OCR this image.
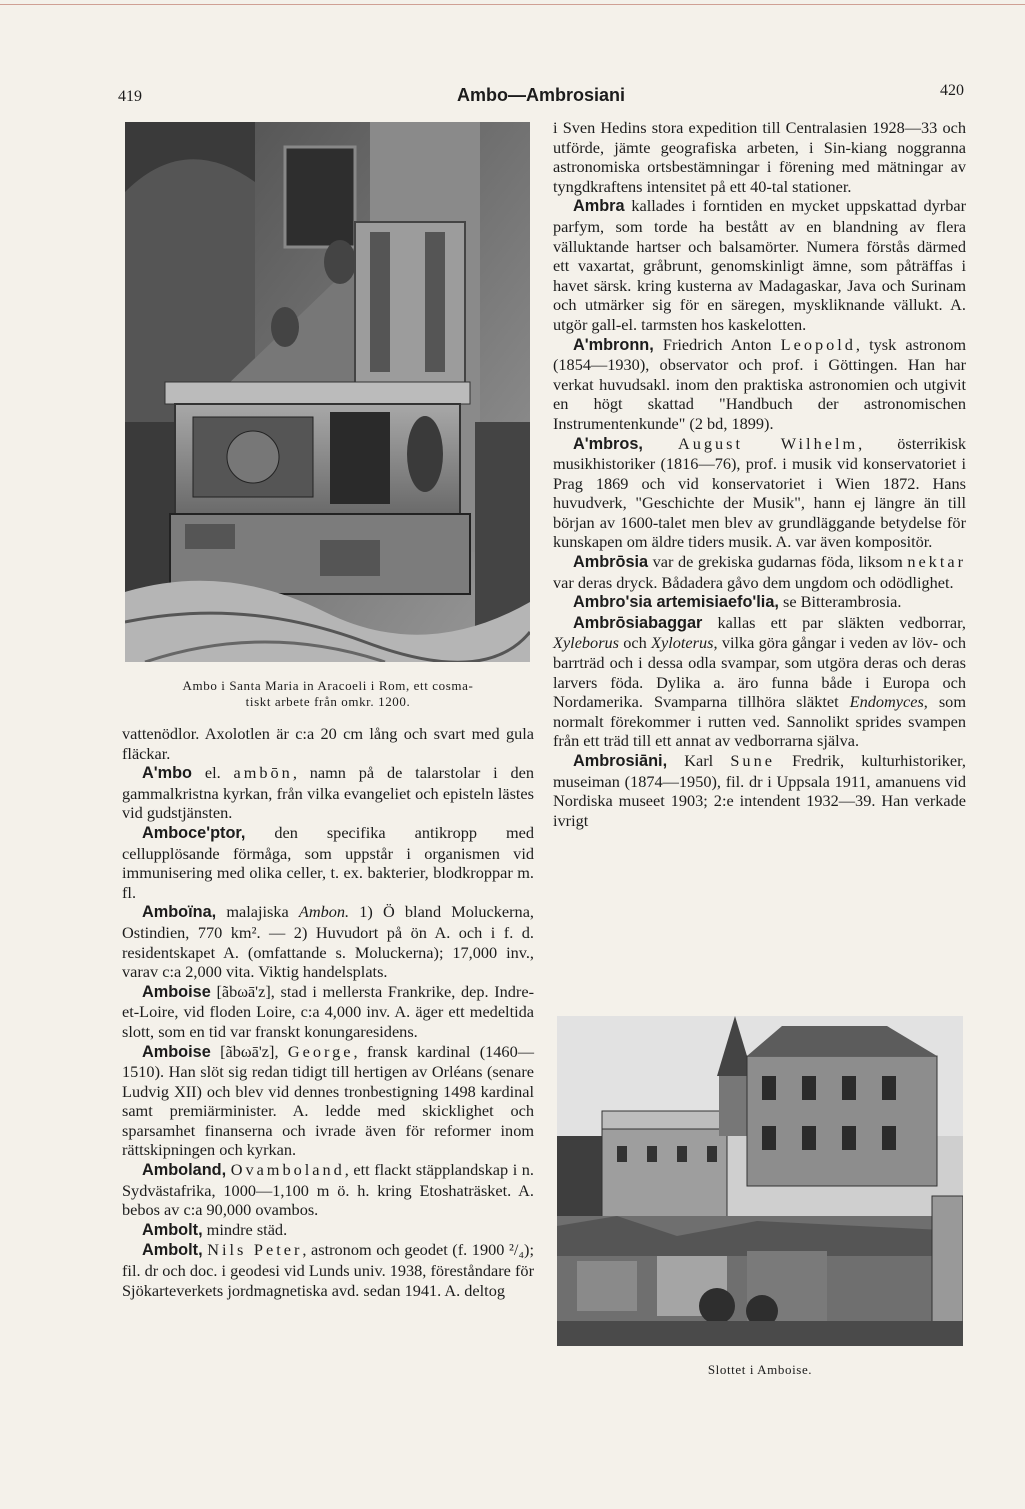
419	Ambo—Ambrosiani	420
Ambo i Santa Maria in Aracoeli i Rom, ett cosma-
tiskt arbete från omkr. 1200.

vattenödlor. Axolotlen är c:a 20 cm lång och svart med gula fläckar.

A'mbo el. ambōn, namn på de talarstolar i den gammalkristna kyrkan, från vilka evangeliet och episteln lästes vid gudstjänsten.

Amboce'ptor, den specifika antikropp med cellupplösande förmåga, som uppstår i organismen vid immunisering med olika celler, t. ex. bakterier, blodkroppar m. fl.

Amboïna, malajiska Ambon. 1) Ö bland Moluckerna, Ostindien, 770 km². — 2) Huvudort på ön A. och i f. d. residentskapet A. (omfattande s. Moluckerna); 17,000 inv., varav c:a 2,000 vita. Viktig handelsplats.

Amboise [ãbωā'z], stad i mellersta Frankrike, dep. Indre-et-Loire, vid floden Loire, c:a 4,000 inv. A. äger ett medeltida slott, som en tid var franskt konungaresidens.

Amboise [ãbωā'z], George, fransk kardinal (1460—1510). Han slöt sig redan tidigt till hertigen av Orléans (senare Ludvig XII) och blev vid dennes tronbestigning 1498 kardinal samt premiärminister. A. ledde med skicklighet och sparsamhet finanserna och ivrade även för reformer inom rättskipningen och kyrkan.

Amboland, Ovamboland, ett flackt stäpplandskap i n. Sydvästafrika, 1000—1,100 m ö. h. kring Etoshaträsket. A. bebos av c:a 90,000 ovambos.

Ambolt, mindre städ.

Ambolt, Nils Peter, astronom och geodet (f. 1900 ²/₄); fil. dr och doc. i geodesi vid Lunds univ. 1938, föreståndare för Sjökarteverkets jordmagnetiska avd. sedan 1941. A. deltog

i Sven Hedins stora expedition till Centralasien 1928—33 och utförde, jämte geografiska arbeten, i Sin-kiang noggranna astronomiska ortsbestämningar i förening med mätningar av tyngdkraftens intensitet på ett 40-tal stationer.

Ambra kallades i forntiden en mycket uppskattad dyrbar parfym, som torde ha bestått av en blandning av flera välluktande hartser och balsamörter. Numera förstås därmed ett vaxartat, gråbrunt, genomskinligt ämne, som påträffas i havet särsk. kring kusterna av Madagaskar, Java och Surinam och utmärker sig för en säregen, myskliknande vällukt. A. utgör gall-el. tarmsten hos kaskelotten.

A'mbronn, Friedrich Anton Leopold, tysk astronom (1854—1930), observator och prof. i Göttingen. Han har verkat huvudsakl. inom den praktiska astronomien och utgivit en högt skattad "Handbuch der astronomischen Instrumentenkunde" (2 bd, 1899).

A'mbros, August Wilhelm, österrikisk musikhistoriker (1816—76), prof. i musik vid konservatoriet i Prag 1869 och vid konservatoriet i Wien 1872. Hans huvudverk, "Geschichte der Musik", hann ej längre än till början av 1600-talet men blev av grundläggande betydelse för kunskapen om äldre tiders musik. A. var även kompositör.

Ambrōsia var de grekiska gudarnas föda, liksom nektar var deras dryck. Bådadera gåvo dem ungdom och odödlighet.

Ambro'sia artemisiaefo'lia, se Bitterambrosia.

Ambrōsiabaggar kallas ett par släkten vedborrar, Xyleborus och Xyloterus, vilka göra gångar i veden av löv- och barrträd och i dessa odla svampar, som utgöra deras och deras larvers föda. Dylika a. äro funna både i Europa och Nordamerika. Svamparna tillhöra släktet Endomyces, som normalt förekommer i rutten ved. Sannolikt sprides svampen från ett träd till ett annat av vedborrarna själva.

Ambrosiāni, Karl Sune Fredrik, kulturhistoriker, museiman (1874—1950), fil. dr i Uppsala 1911, amanuens vid Nordiska museet 1903; 2:e intendent 1932—39. Han verkade ivrigt

Slottet i Amboise.
